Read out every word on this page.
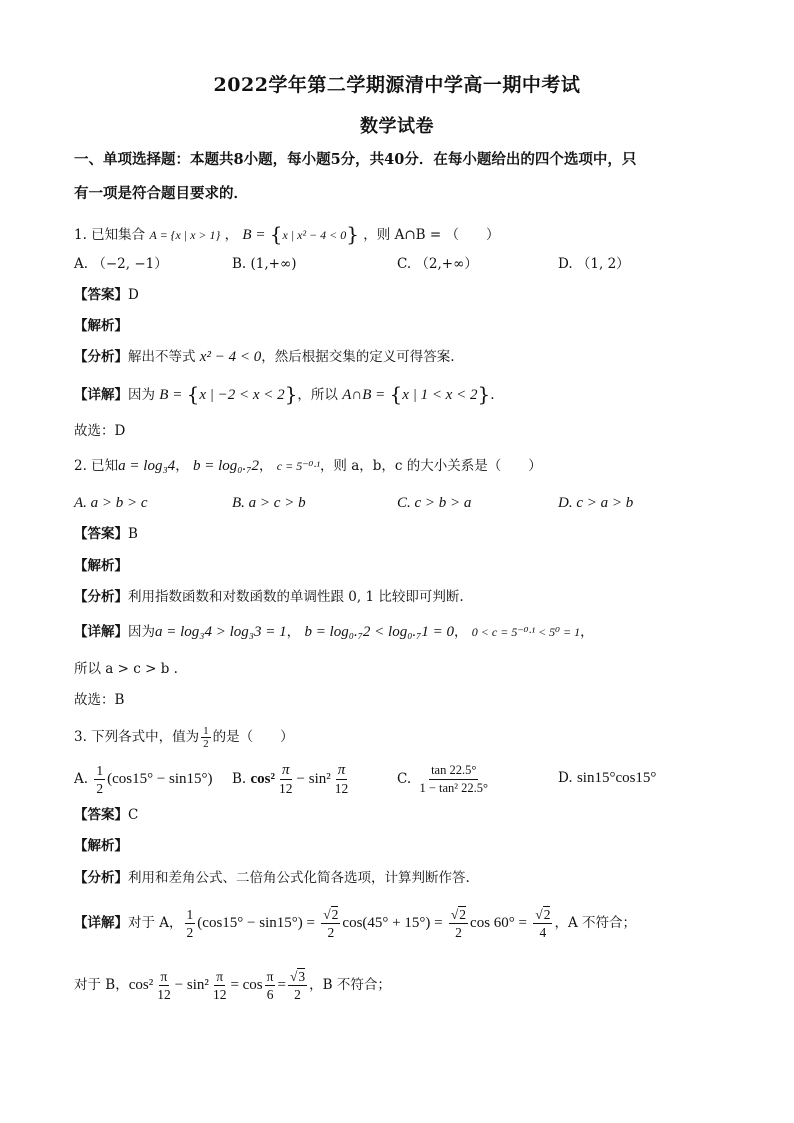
2022学年第二学期源清中学高一期中考试
数学试卷
一、单项选择题：本题共8小题，每小题5分，共40分．在每小题给出的四个选项中，只
有一项是符合题目要求的．
1. 已知集合 A = {x | x > 1} ， B = {x | x² − 4 < 0} ，则 A∩B = （　　）
A. （−2, −1）	B. (1,+∞)	C. （2,+∞）	D. （1, 2）
【答案】D
【解析】
【分析】解出不等式 x² − 4 < 0，然后根据交集的定义可得答案.
【详解】因为 B = {x | −2 < x < 2}，所以 A∩B = {x | 1 < x < 2}.
故选：D
2. 已知a = log₃4， b = log₀.₇2， c = 5⁻⁰·¹，则 a，b，c 的大小关系是（　　）
A. a > b > c	B. a > c > b	C. c > b > a	D. c > a > b
【答案】B
【解析】
【分析】利用指数函数和对数函数的单调性跟 0, 1 比较即可判断.
【详解】因为a = log₃4 > log₃3 = 1， b = log₀.₇2 < log₀.₇1 = 0， 0 < c = 5⁻⁰·¹ < 5⁰ = 1，
所以 a > c > b .
故选：B
3. 下列各式中，值为 $\frac{1}{2}$ 的是（　　）
A. $\frac{1}{2} (\cos 15^\circ - \sin 15^\circ)$ B. $\cos^2 \frac{\pi}{12} - \sin^2 \frac{\pi}{12}$	C. $\frac{\tan 22.5^\circ}{\text{1 − tan² 22.5°}}$	D. sin15°cos15°
【答案】C
【解析】
【分析】利用和差角公式、二倍角公式化简各选项，计算判断作答.
【详解】对于 A， $\frac{1}{2} (\cos 15^\circ - \sin 15^\circ) = \frac{√2}{2} \cos(45^\circ + 15^\circ) = \frac{√2}{2}$ $\cos 60^\circ = \frac{√2}{4}$ ，A 不符合；
对于 B，$\cos^2 \frac{\pi}{12} - \sin^2 \frac{\pi}{12} = \cos \frac{\pi}{6} = \frac{√3}{2}$ ，B 不符合；
